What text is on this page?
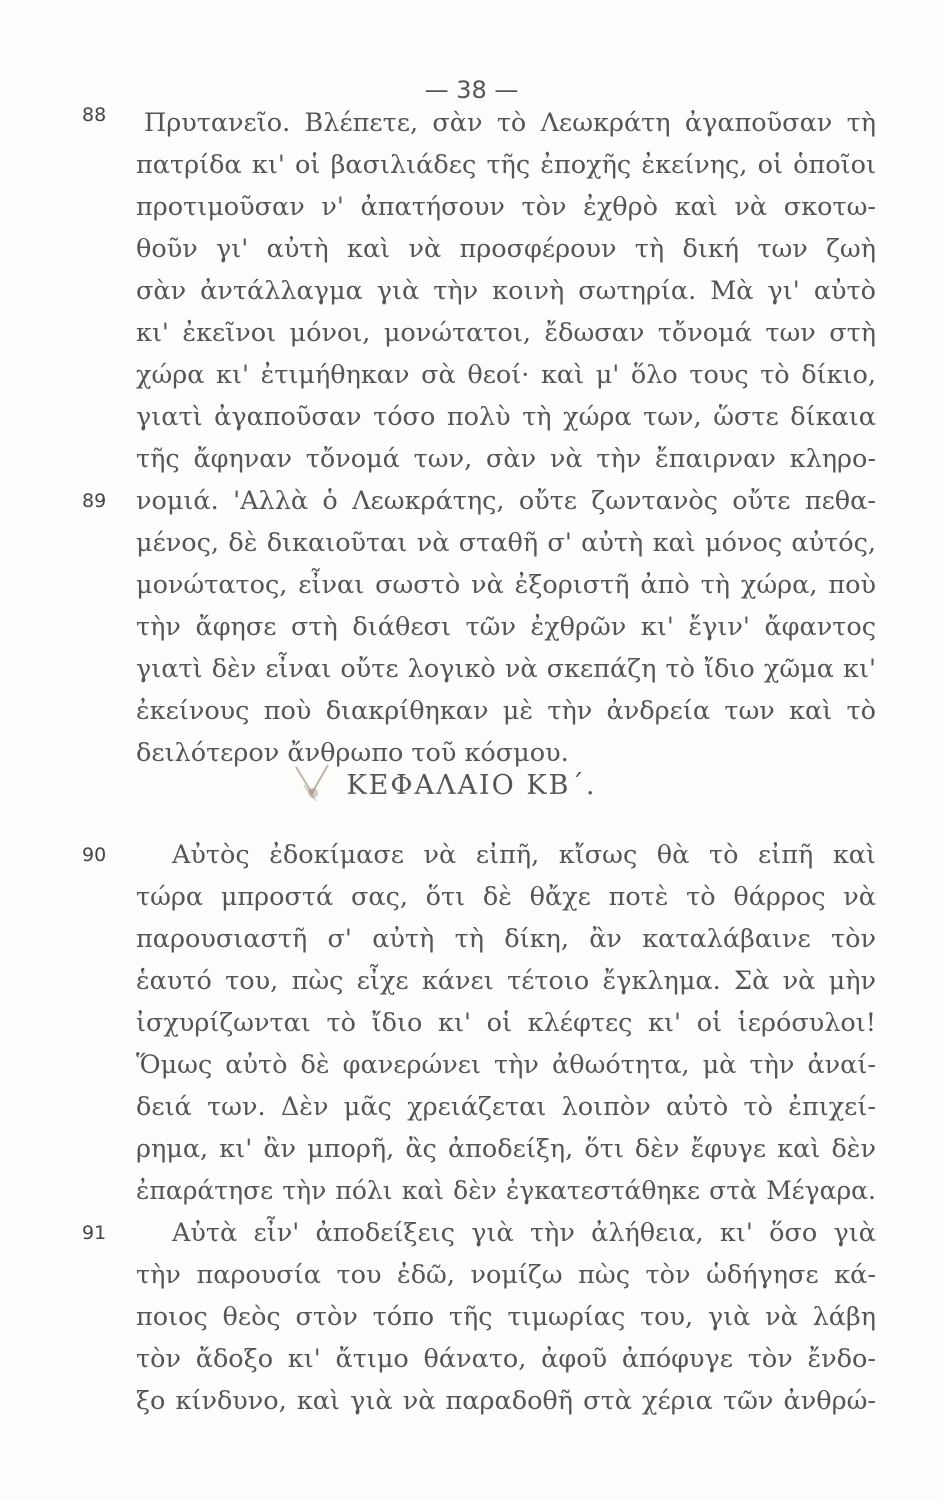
— 38 —
88 Πρυτανεῖο. Βλέπετε, σὰν τὸ Λεωκράτη ἀγαποῦσαν τὴ
πατρίδα κι' οἱ βασιλιάδες τῆς ἐποχῆς ἐκείνης, οἱ ὁποῖοι
προτιμοῦσαν ν' ἀπατήσουν τὸν ἐχθρὸ καὶ νὰ σκοτω-
θοῦν γι' αὐτὴ καὶ νὰ προσφέρουν τὴ δική των ζωὴ
σὰν ἀντάλλαγμα γιὰ τὴν κοινὴ σωτηρία. Μὰ γι' αὐτὸ
κι' ἐκεῖνοι μόνοι, μονώτατοι, ἔδωσαν τὄνομά των στὴ
χώρα κι' ἐτιμήθηκαν σὰ θεοί· καὶ μ' ὅλο τους τὸ δίκιο,
γιατὶ ἀγαποῦσαν τόσο πολὺ τὴ χώρα των, ὥστε δίκαια
τῆς ἄφηναν τὄνομά των, σὰν νὰ τὴν ἔπαιρναν κληρο-
89 νομιά. 'Αλλὰ ὁ Λεωκράτης, οὔτε ζωντανὸς οὔτε πεθα-
μένος, δὲ δικαιοῦται νὰ σταθῆ σ' αὐτὴ καὶ μόνος αὐτός,
μονώτατος, εἶναι σωστὸ νὰ ἐξοριστῆ ἀπὸ τὴ χώρα, ποὺ
τὴν ἄφησε στὴ διάθεσι τῶν ἐχθρῶν κι' ἔγιν' ἄφαντος
γιατὶ δὲν εἶναι οὔτε λογικὸ νὰ σκεπάζη τὸ ἴδιο χῶμα κι'
ἐκείνους ποὺ διακρίθηκαν μὲ τὴν ἀνδρεία των καὶ τὸ
δειλότερον ἄνθρωπο τοῦ κόσμου.
ΚΕΦΑΛΑΙΟ ΚΒ΄.
90	Αὐτὸς ἐδοκίμασε νὰ εἰπῆ, κἴσως θὰ τὸ εἰπῆ καὶ
τώρα μπροστά σας, ὅτι δὲ θἄχε ποτὲ τὸ θάρρος νὰ
παρουσιαστῆ σ' αὐτὴ τὴ δίκη, ἂν καταλάβαινε τὸν
ἑαυτό του, πὼς εἶχε κάνει τέτοιο ἔγκλημα. Σὰ νὰ μὴν
ἰσχυρίζωνται τὸ ἴδιο κι' οἱ κλέφτες κι' οἱ ἱερόσυλοι!
Ὅμως αὐτὸ δὲ φανερώνει τὴν ἀθωότητα, μὰ τὴν ἀναί-
δειά των. Δὲν μᾶς χρειάζεται λοιπὸν αὐτὸ τὸ ἐπιχεί-
ρημα, κι' ἂν μπορῆ, ἂς ἀποδείξη, ὅτι δὲν ἔφυγε καὶ δὲν
ἐπαράτησε τὴν πόλι καὶ δὲν ἐγκατεστάθηκε στὰ Μέγαρα.
91	Αὐτὰ εἶν' ἀποδείξεις γιὰ τὴν ἀλήθεια, κι' ὅσο γιὰ
τὴν παρουσία του ἐδῶ, νομίζω πὼς τὸν ὡδήγησε κά-
ποιος θεὸς στὸν τόπο τῆς τιμωρίας του, γιὰ νὰ λάβη
τὸν ἄδοξο κι' ἄτιμο θάνατο, ἀφοῦ ἀπόφυγε τὸν ἔνδο-
ξο κίνδυνο, καὶ γιὰ νὰ παραδοθῆ στὰ χέρια τῶν ἀνθρώ-
